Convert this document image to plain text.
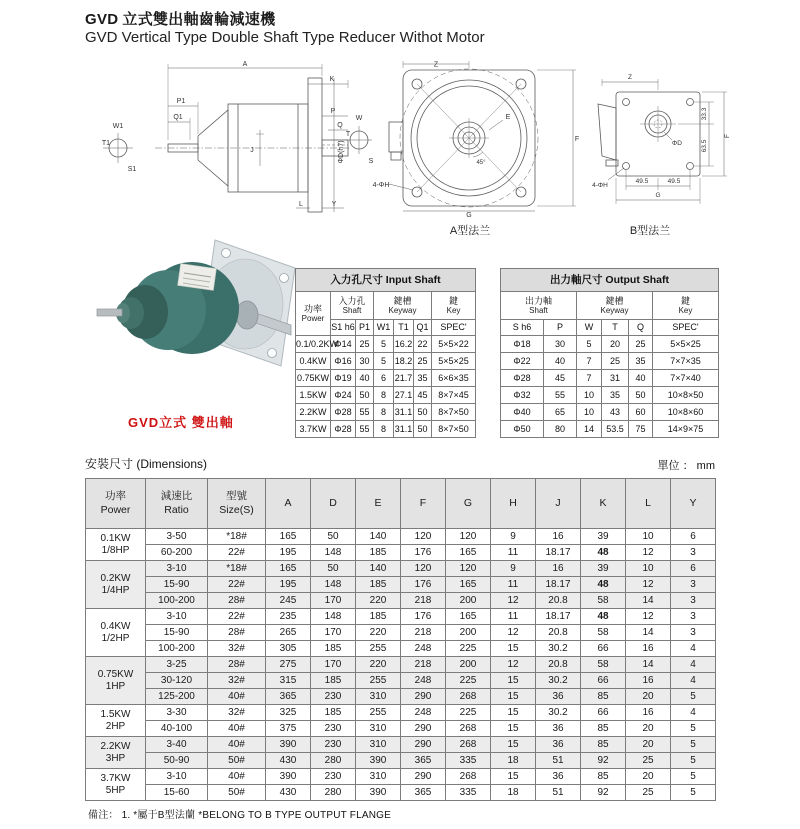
GVD 立式雙出軸齒輪減速機
GVD Vertical Type Double Shaft Type Reducer Withot Motor
W1
T1
S1
A
K
P1
Q1
P
Q
J	ΦD(h7)
L	Y
W
T
S
Z
E
F
G
4-ΦH
45°
Z
4-ΦH
ΦD
33.3
63.5
F
49.5	49.5
G
A型法兰	B型法兰
GVD立式 雙出軸
入力孔尺寸 Input Shaft						

功率
Power

入力孔
Shaft

鍵槽
Keyway

鍵
Key

	S1 h6	P1	W1	T1	Q1	SPEC'
0.1/0.2KW	Φ14	25	5	16.2	22	5×5×22
0.4KW	Φ16	30	5	18.2	25	5×5×25
0.75KW	Φ19	40	6	21.7	35	6×6×35
1.5KW	Φ24	50	8	27.1	45	8×7×45
2.2KW	Φ28	55	8	31.1	50	8×7×50
3.7KW	Φ28	55	8	31.1	50	8×7×50
出力軸尺寸 Output Shaft					

出力軸
Shaft

鍵槽
Keyway

鍵
Key

S h6	P	W	T	Q	SPEC'
Φ18	30	5	20	25	5×5×25
Φ22	40	7	25	35	7×7×35
Φ28	45	7	31	40	7×7×40
Φ32	55	10	35	50	10×8×50
Φ40	65	10	43	60	10×8×60
Φ50	80	14	53.5	75	14×9×75
安裝尺寸 (Dimensions)	單位 ： mm
功率
Power

減速比
Ratio

型號
Size(S)
	A	D	E	F	G	H	J	K	L	Y

0.1KW
1/8HP	3-50	*18#	165	50	140	120	120	9	16	39	10	6
	60-200	22#	195	148	185	176	165	11	18.17	48	12	3

0.2KW
1/4HP	3-10	*18#	165	50	140	120	120	9	16	39	10	6
	15-90	22#	195	148	185	176	165	11	18.17	48	12	3
	100-200	28#	245	170	220	218	200	12	20.8	58	14	3

0.4KW
1/2HP	3-10	22#	235	148	185	176	165	11	18.17	48	12	3
	15-90	28#	265	170	220	218	200	12	20.8	58	14	3
	100-200	32#	305	185	255	248	225	15	30.2	66	16	4

0.75KW
1HP	3-25	28#	275	170	220	218	200	12	20.8	58	14	4
	30-120	32#	315	185	255	248	225	15	30.2	66	16	4
	125-200	40#	365	230	310	290	268	15	36	85	20	5

1.5KW
2HP	3-30	32#	325	185	255	248	225	15	30.2	66	16	4
	40-100	40#	375	230	310	290	268	15	36	85	20	5

2.2KW
3HP	3-40	40#	390	230	310	290	268	15	36	85	20	5
	50-90	50#	430	280	390	365	335	18	51	92	25	5

3.7KW
5HP	3-10	40#	390	230	310	290	268	15	36	85	20	5
	15-60	50#	430	280	390	365	335	18	51	92	25	5
備注： 1. *屬于B型法蘭 *BELONG TO B TYPE OUTPUT FLANGE
